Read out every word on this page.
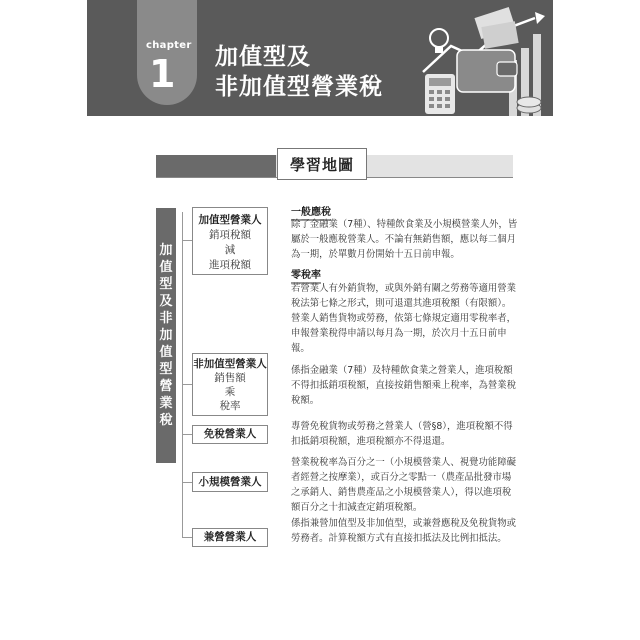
chapter
1 加值型及
非加值型營業稅
學習地圖
加
值
型
及
非
加
值
型
營
業
稅
加值型營業人
銷項稅額
減
進項稅額
非加值型營業人
銷售額
乘
稅率
免稅營業人
小規模營業人
兼營營業人
一般應稅
除了金融業（7種）、特種飲食業及小規模營業人外，皆屬於一般應稅營業人。不論有無銷售額，應以每二個月為一期，於單數月份開始十五日前申報。
零稅率
若營業人有外銷貨物，或與外銷有關之勞務等適用營業稅法第七條之形式，則可退還其進項稅額（有限額）。營業人銷售貨物或勞務，依第七條規定適用零稅率者，申報營業稅得申請以每月為一期，於次月十五日前申報。
係指金融業（7種）及特種飲食業之營業人，進項稅額不得扣抵銷項稅額，直接按銷售額乘上稅率，為營業稅稅額。
專營免稅貨物或勞務之營業人（營§8），進項稅額不得扣抵銷項稅額，進項稅額亦不得退還。
營業稅稅率為百分之一（小規模營業人、視覺功能障礙者經營之按摩業），或百分之零點一（農產品批發市場之承銷人、銷售農產品之小規模營業人），得以進項稅額百分之十扣減查定銷項稅額。
係指兼營加值型及非加值型，或兼營應稅及免稅貨物或勞務者。計算稅額方式有直接扣抵法及比例扣抵法。
